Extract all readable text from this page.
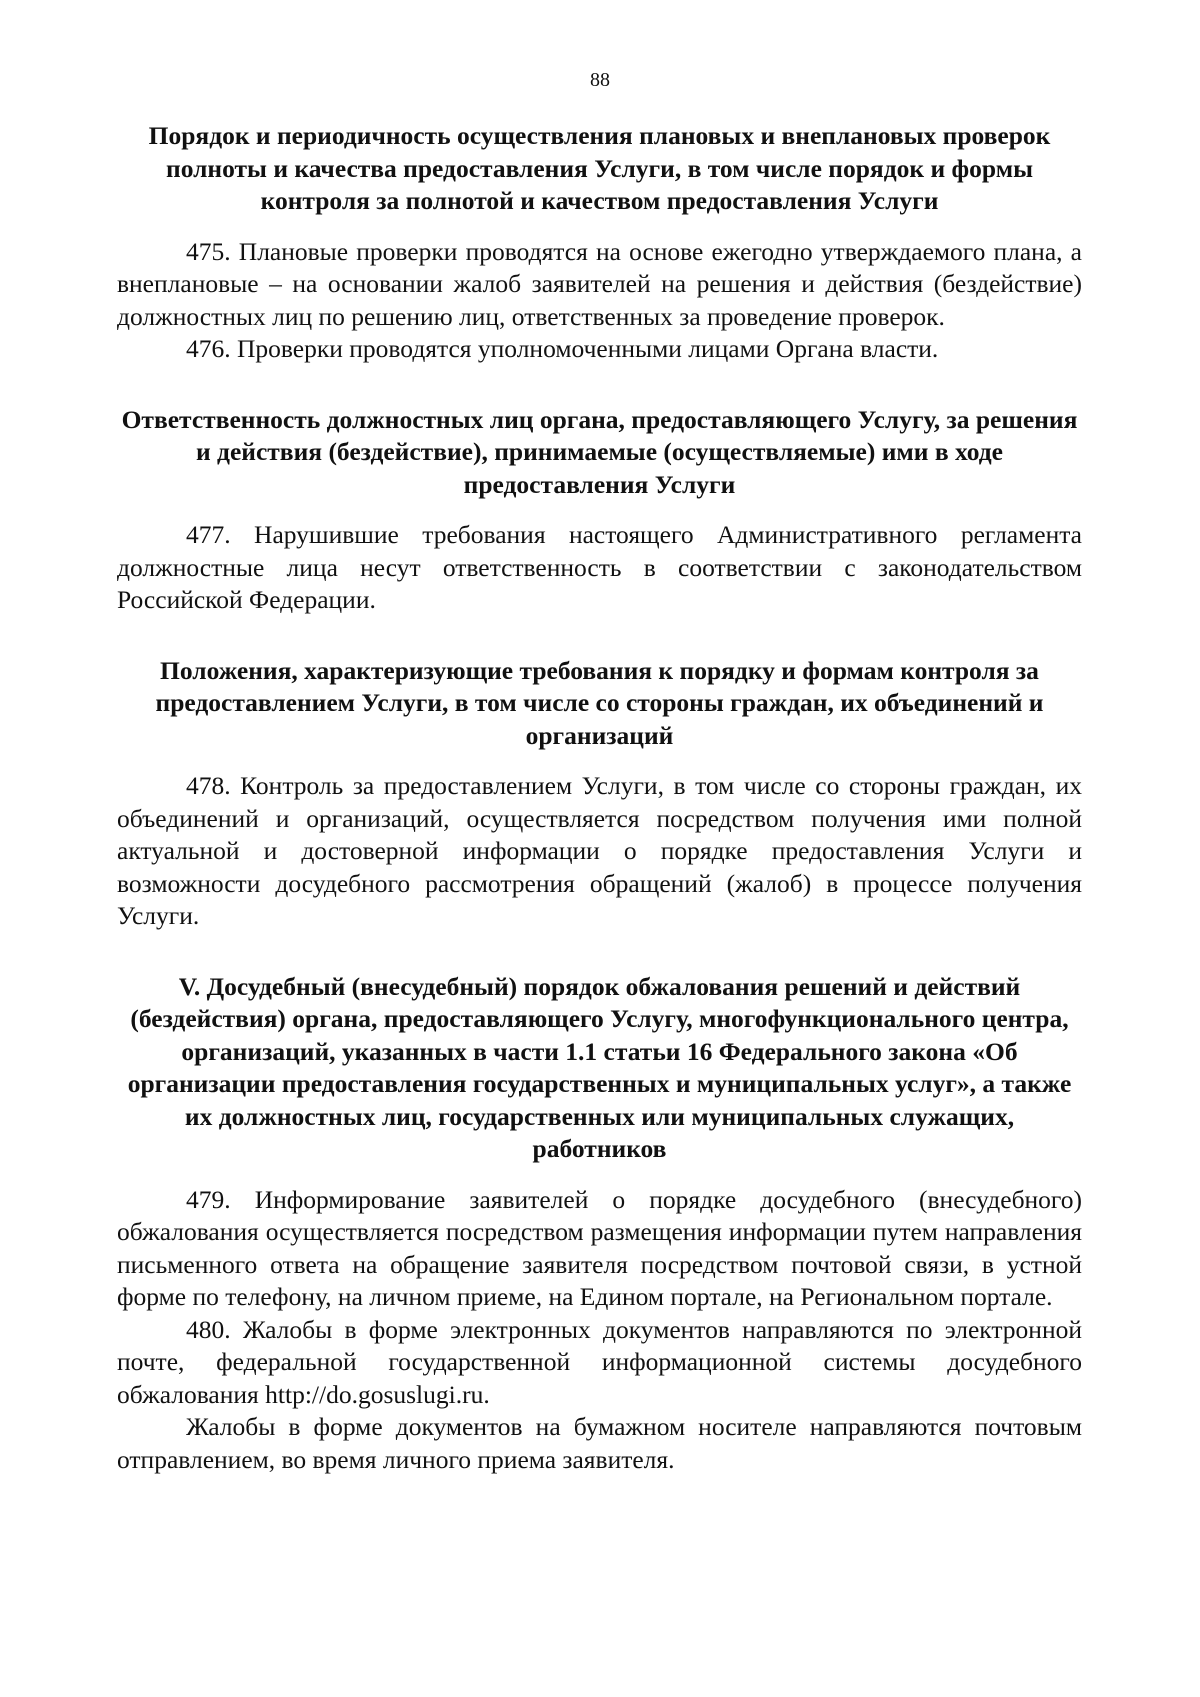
88
Порядок и периодичность осуществления плановых и внеплановых проверок полноты и качества предоставления Услуги, в том числе порядок и формы контроля за полнотой и качеством предоставления Услуги

475. Плановые проверки проводятся на основе ежегодно утверждаемого плана, а внеплановые – на основании жалоб заявителей на решения и действия (бездействие) должностных лиц по решению лиц, ответственных за проведение проверок.

476. Проверки проводятся уполномоченными лицами Органа власти.

Ответственность должностных лиц органа, предоставляющего Услугу, за решения и действия (бездействие), принимаемые (осуществляемые) ими в ходе предоставления Услуги

477. Нарушившие требования настоящего Административного регламента должностные лица несут ответственность в соответствии с законодательством Российской Федерации.

Положения, характеризующие требования к порядку и формам контроля за предоставлением Услуги, в том числе со стороны граждан, их объединений и организаций

478. Контроль за предоставлением Услуги, в том числе со стороны граждан, их объединений и организаций, осуществляется посредством получения ими полной актуальной и достоверной информации о порядке предоставления Услуги и возможности досудебного рассмотрения обращений (жалоб) в процессе получения Услуги.

V. Досудебный (внесудебный) порядок обжалования решений и действий (бездействия) органа, предоставляющего Услугу, многофункционального центра, организаций, указанных в части 1.1 статьи 16 Федерального закона «Об организации предоставления государственных и муниципальных услуг», а также их должностных лиц, государственных или муниципальных служащих, работников

479. Информирование заявителей о порядке досудебного (внесудебного) обжалования осуществляется посредством размещения информации путем направления письменного ответа на обращение заявителя посредством почтовой связи, в устной форме по телефону, на личном приеме, на Едином портале, на Региональном портале.

480. Жалобы в форме электронных документов направляются по электронной почте, федеральной государственной информационной системы досудебного обжалования http://do.gosuslugi.ru.

Жалобы в форме документов на бумажном носителе направляются почтовым отправлением, во время личного приема заявителя.
